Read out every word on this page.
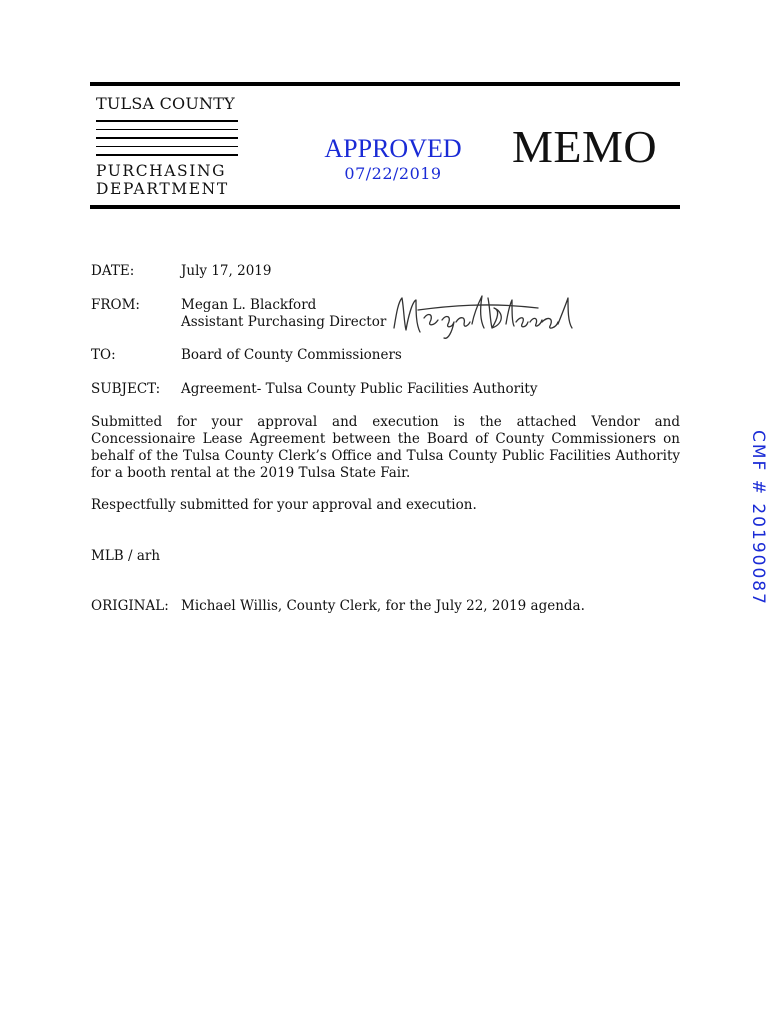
TULSA COUNTY
PURCHASING
DEPARTMENT
APPROVED
07/22/2019
MEMO
DATE:	July 17, 2019
FROM:	Megan L. Blackford
Assistant Purchasing Director
TO:	Board of County Commissioners
SUBJECT: Agreement- Tulsa County Public Facilities Authority
Submitted for your approval and execution is the attached Vendor and Concessionaire Lease Agreement between the Board of County Commissioners on behalf of the Tulsa County Clerk’s Office and Tulsa County Public Facilities Authority for a booth rental at the 2019 Tulsa State Fair.
Respectfully submitted for your approval and execution.
MLB / arh
ORIGINAL: Michael Willis, County Clerk, for the July 22, 2019 agenda.
CMF # 20190087
